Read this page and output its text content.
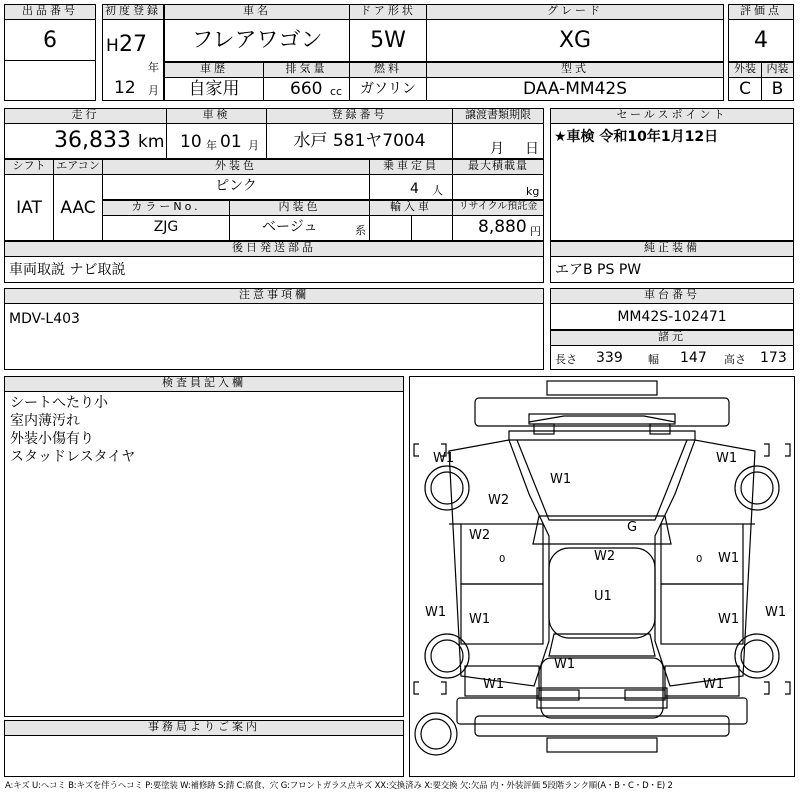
出品番号
6
初度登録
H 27
年
12 月
車名
フレアワゴン
ドア形状
5W
グレード
XG
評価点
4
車歴
自家用
排気量
660 cc
燃料
ガソリン
型式
DAA-MM42S
外装 内装
C	B
走行
36,833 km
車検
10 年 01 月
登録番号
水戸 581ヤ7004
譲渡書類期限
月 日
セールスポイント
★車検 令和10年1月12日
シフト
IAT
エアコン
AAC
外装色
ピンク
乗車定員
4 人
最大積載量
kg
カラーNo.
ZJG
内装色
ベージュ	系
輸入車	リサイクル預託金
8,880 円
後日発送部品
車両取説 ナビ取説
純正装備
エアB PS PW
注意事項欄
MDV-L403
車台番号
MM42S-102471
諸元
長さ 339 幅 147 高さ 173
検査員記入欄
シートへたり小
室内薄汚れ
外装小傷有り
スタッドレスタイヤ
事務局よりご案内
W1
W2
W1	W1
G
W2
0	W2	0 W1
U1
W1 W1	W1 W1
W1
W1
W1
A:キズ U:ヘコミ B:キズを伴うヘコミ P:要塗装 W:補修跡 S:錆 C:腐食、穴 G:フロントガラス点キズ XX:交換済み X:要交換 欠:欠品 内・外装評価 5段階ランク順(A・B・C・D・E) 2
